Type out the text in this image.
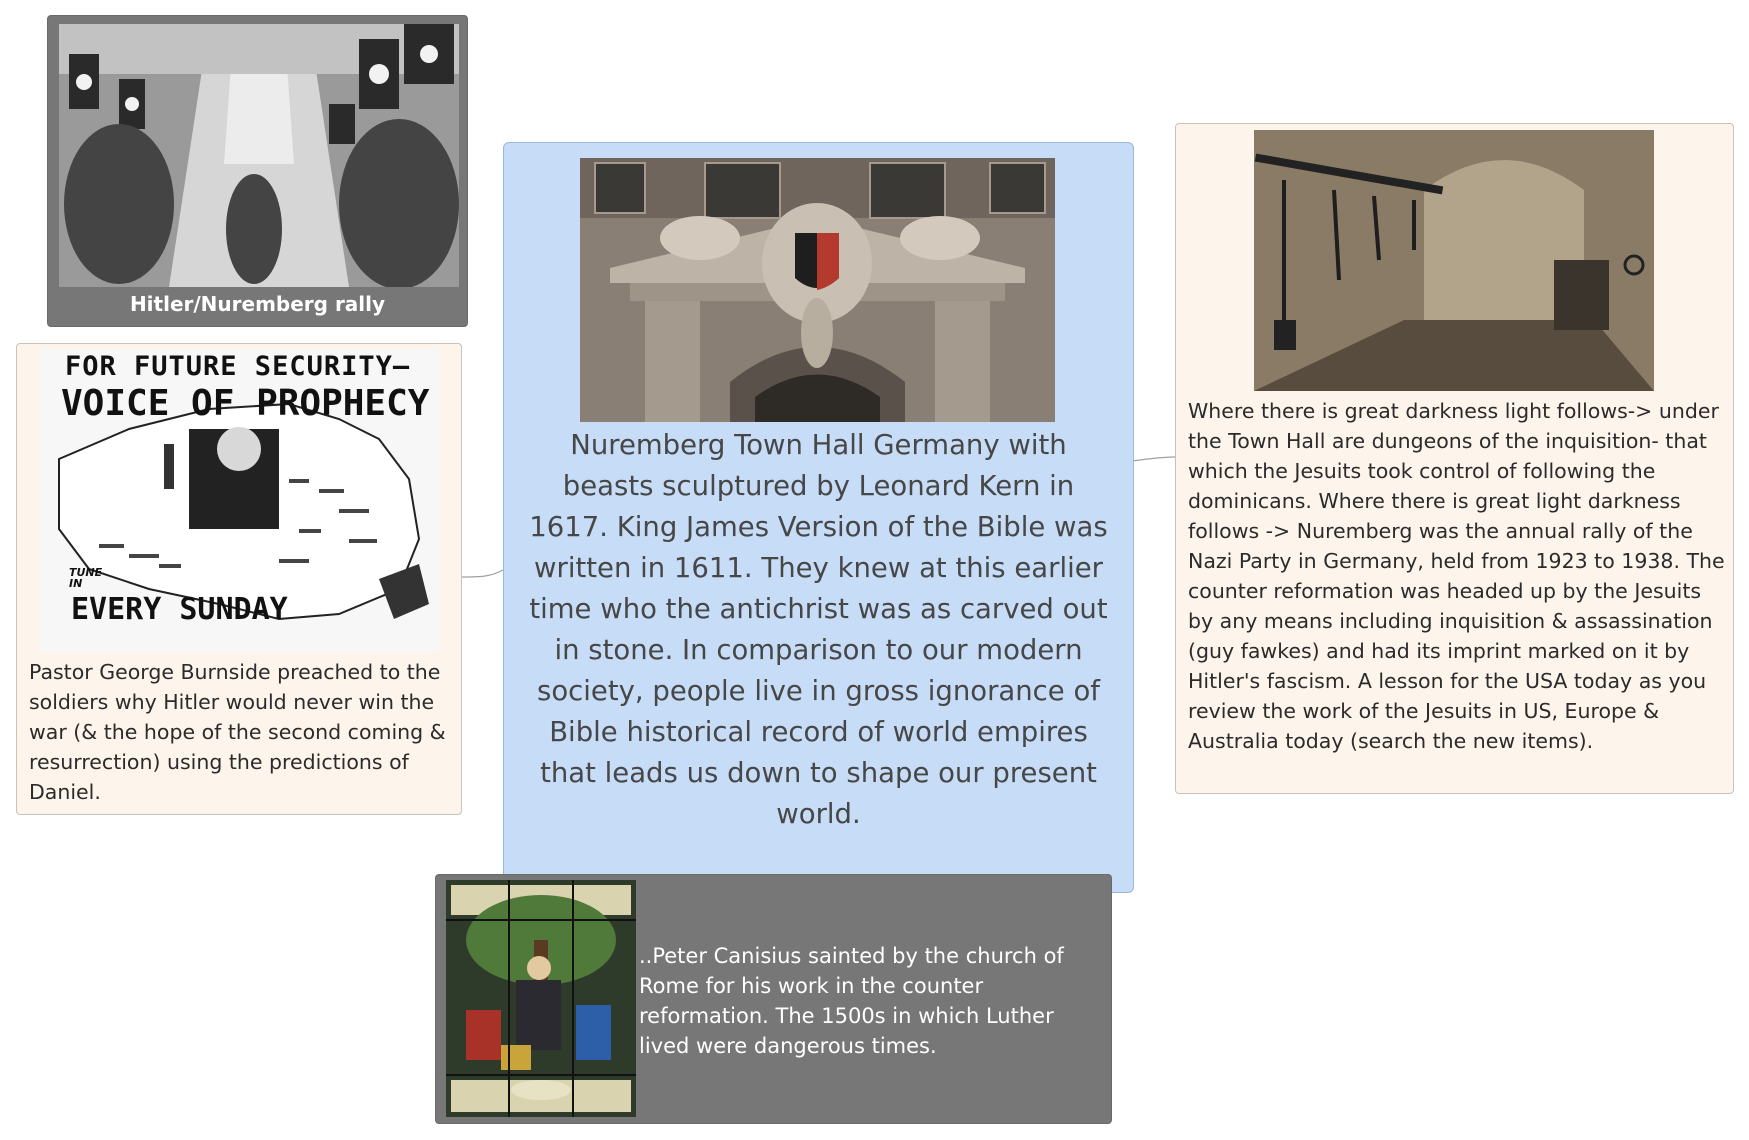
Hitler/Nuremberg rally
FOR FUTURE SECURITY—
VOICE OF PROPHECY
TUNE IN
EVERY SUNDAY
Pastor George Burnside preached to the soldiers why Hitler would never win the war (& the hope of the second coming & resurrection) using the predictions of Daniel.
Nuremberg Town Hall Germany with beasts sculptured by Leonard Kern in 1617. King James Version of the Bible was written in 1611. They knew at this earlier time who the antichrist was as carved out in stone. In comparison to our modern society, people live in gross ignorance of Bible historical record of world empires that leads us down to shape our present world.
Where there is great darkness light follows-> under the Town Hall are dungeons of the inquisition- that which the Jesuits took control of following the dominicans. Where there is great light darkness follows -> Nuremberg was the annual rally of the Nazi Party in Germany, held from 1923 to 1938. The counter reformation was headed up by the Jesuits by any means including inquisition & assassination (guy fawkes) and had its imprint marked on it by Hitler's fascism. A lesson for the USA today as you review the work of the Jesuits in US, Europe & Australia today (search the new items).
..Peter Canisius sainted by the church of Rome for his work in the counter reformation. The 1500s in which Luther lived were dangerous times.
